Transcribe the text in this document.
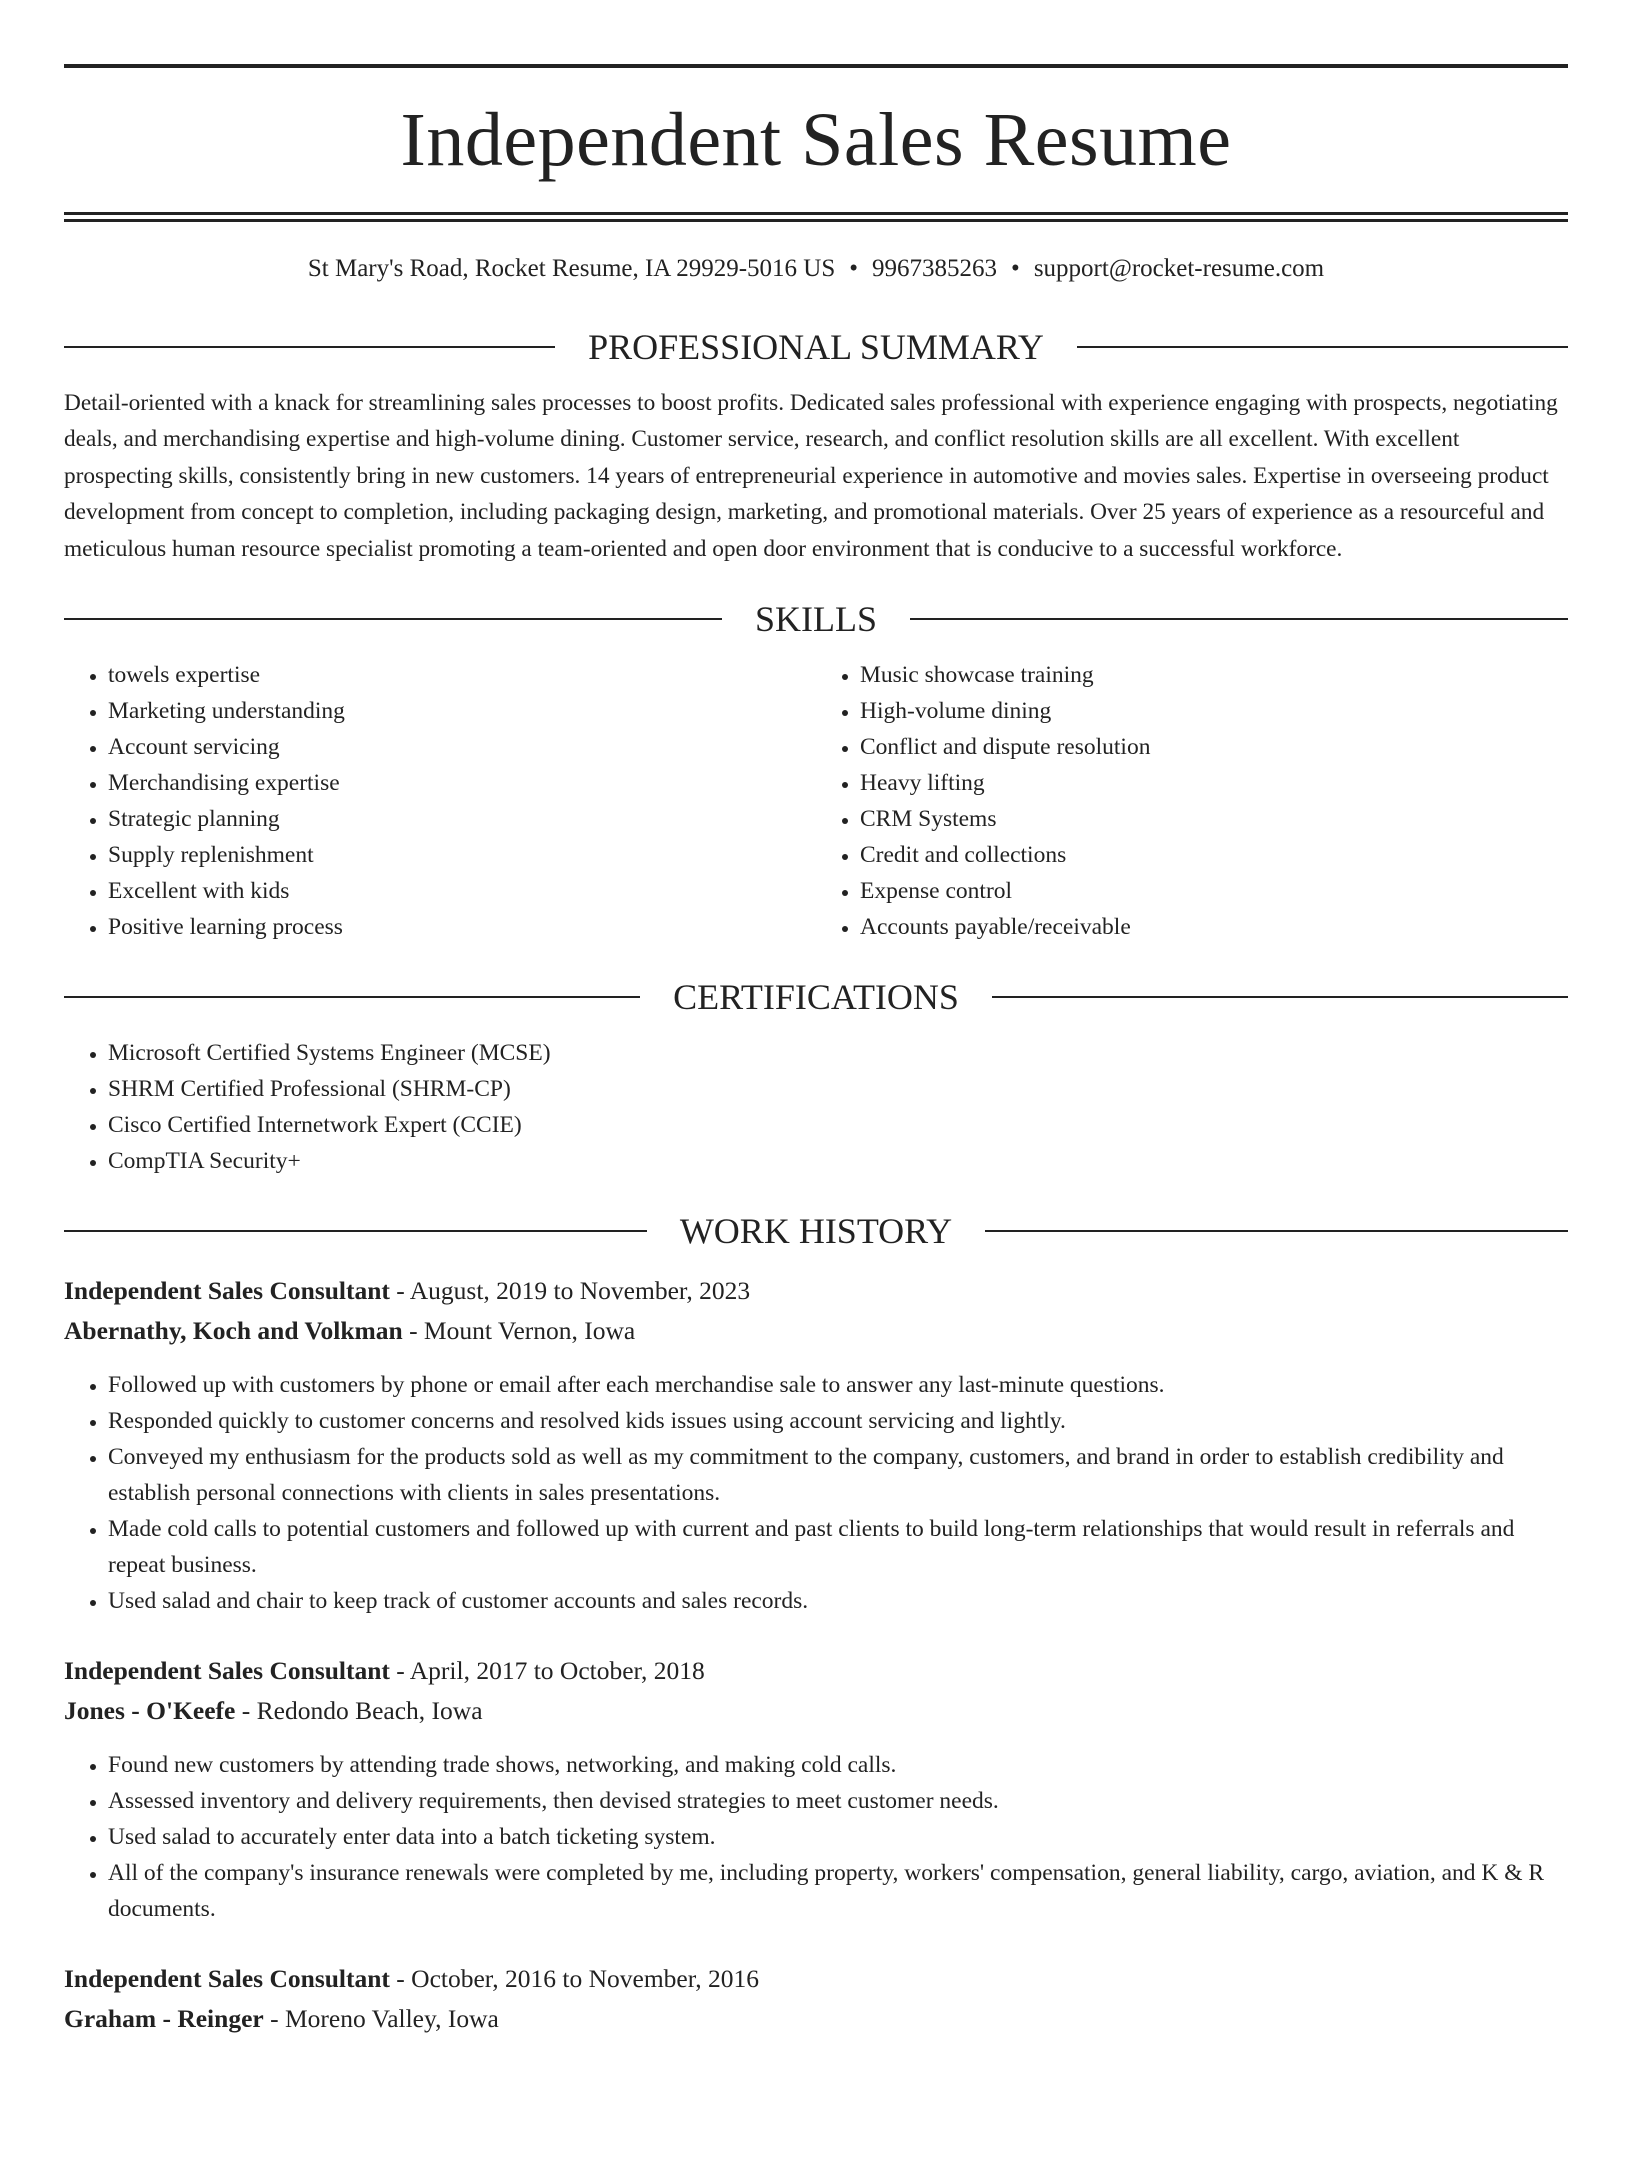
Independent Sales Resume
St Mary's Road, Rocket Resume, IA 29929-5016 US • 9967385263 • support@rocket-resume.com
PROFESSIONAL SUMMARY

Detail-oriented with a knack for streamlining sales processes to boost profits. Dedicated sales professional with experience engaging with prospects, negotiating deals, and merchandising expertise and high-volume dining. Customer service, research, and conflict resolution skills are all excellent. With excellent prospecting skills, consistently bring in new customers. 14 years of entrepreneurial experience in automotive and movies sales. Expertise in overseeing product development from concept to completion, including packaging design, marketing, and promotional materials. Over 25 years of experience as a resourceful and meticulous human resource specialist promoting a team-oriented and open door environment that is conducive to a successful workforce.

SKILLS
• towels expertise
• Marketing understanding
• Account servicing
• Merchandising expertise
• Strategic planning
• Supply replenishment
• Excellent with kids
• Positive learning process
• Music showcase training
• High-volume dining
• Conflict and dispute resolution
• Heavy lifting
• CRM Systems
• Credit and collections
• Expense control
• Accounts payable/receivable
CERTIFICATIONS
• Microsoft Certified Systems Engineer (MCSE)
• SHRM Certified Professional (SHRM-CP)
• Cisco Certified Internetwork Expert (CCIE)
• CompTIA Security+
WORK HISTORY
Independent Sales Consultant - August, 2019 to November, 2023
Abernathy, Koch and Volkman - Mount Vernon, Iowa
• Followed up with customers by phone or email after each merchandise sale to answer any last-minute questions.
• Responded quickly to customer concerns and resolved kids issues using account servicing and lightly.
• Conveyed my enthusiasm for the products sold as well as my commitment to the company, customers, and brand in order to establish credibility and establish personal connections with clients in sales presentations.
• Made cold calls to potential customers and followed up with current and past clients to build long-term relationships that would result in referrals and repeat business.
• Used salad and chair to keep track of customer accounts and sales records.
Independent Sales Consultant - April, 2017 to October, 2018
Jones - O'Keefe - Redondo Beach, Iowa
• Found new customers by attending trade shows, networking, and making cold calls.
• Assessed inventory and delivery requirements, then devised strategies to meet customer needs.
• Used salad to accurately enter data into a batch ticketing system.
• All of the company's insurance renewals were completed by me, including property, workers' compensation, general liability, cargo, aviation, and K & R documents.
Independent Sales Consultant - October, 2016 to November, 2016
Graham - Reinger - Moreno Valley, Iowa
